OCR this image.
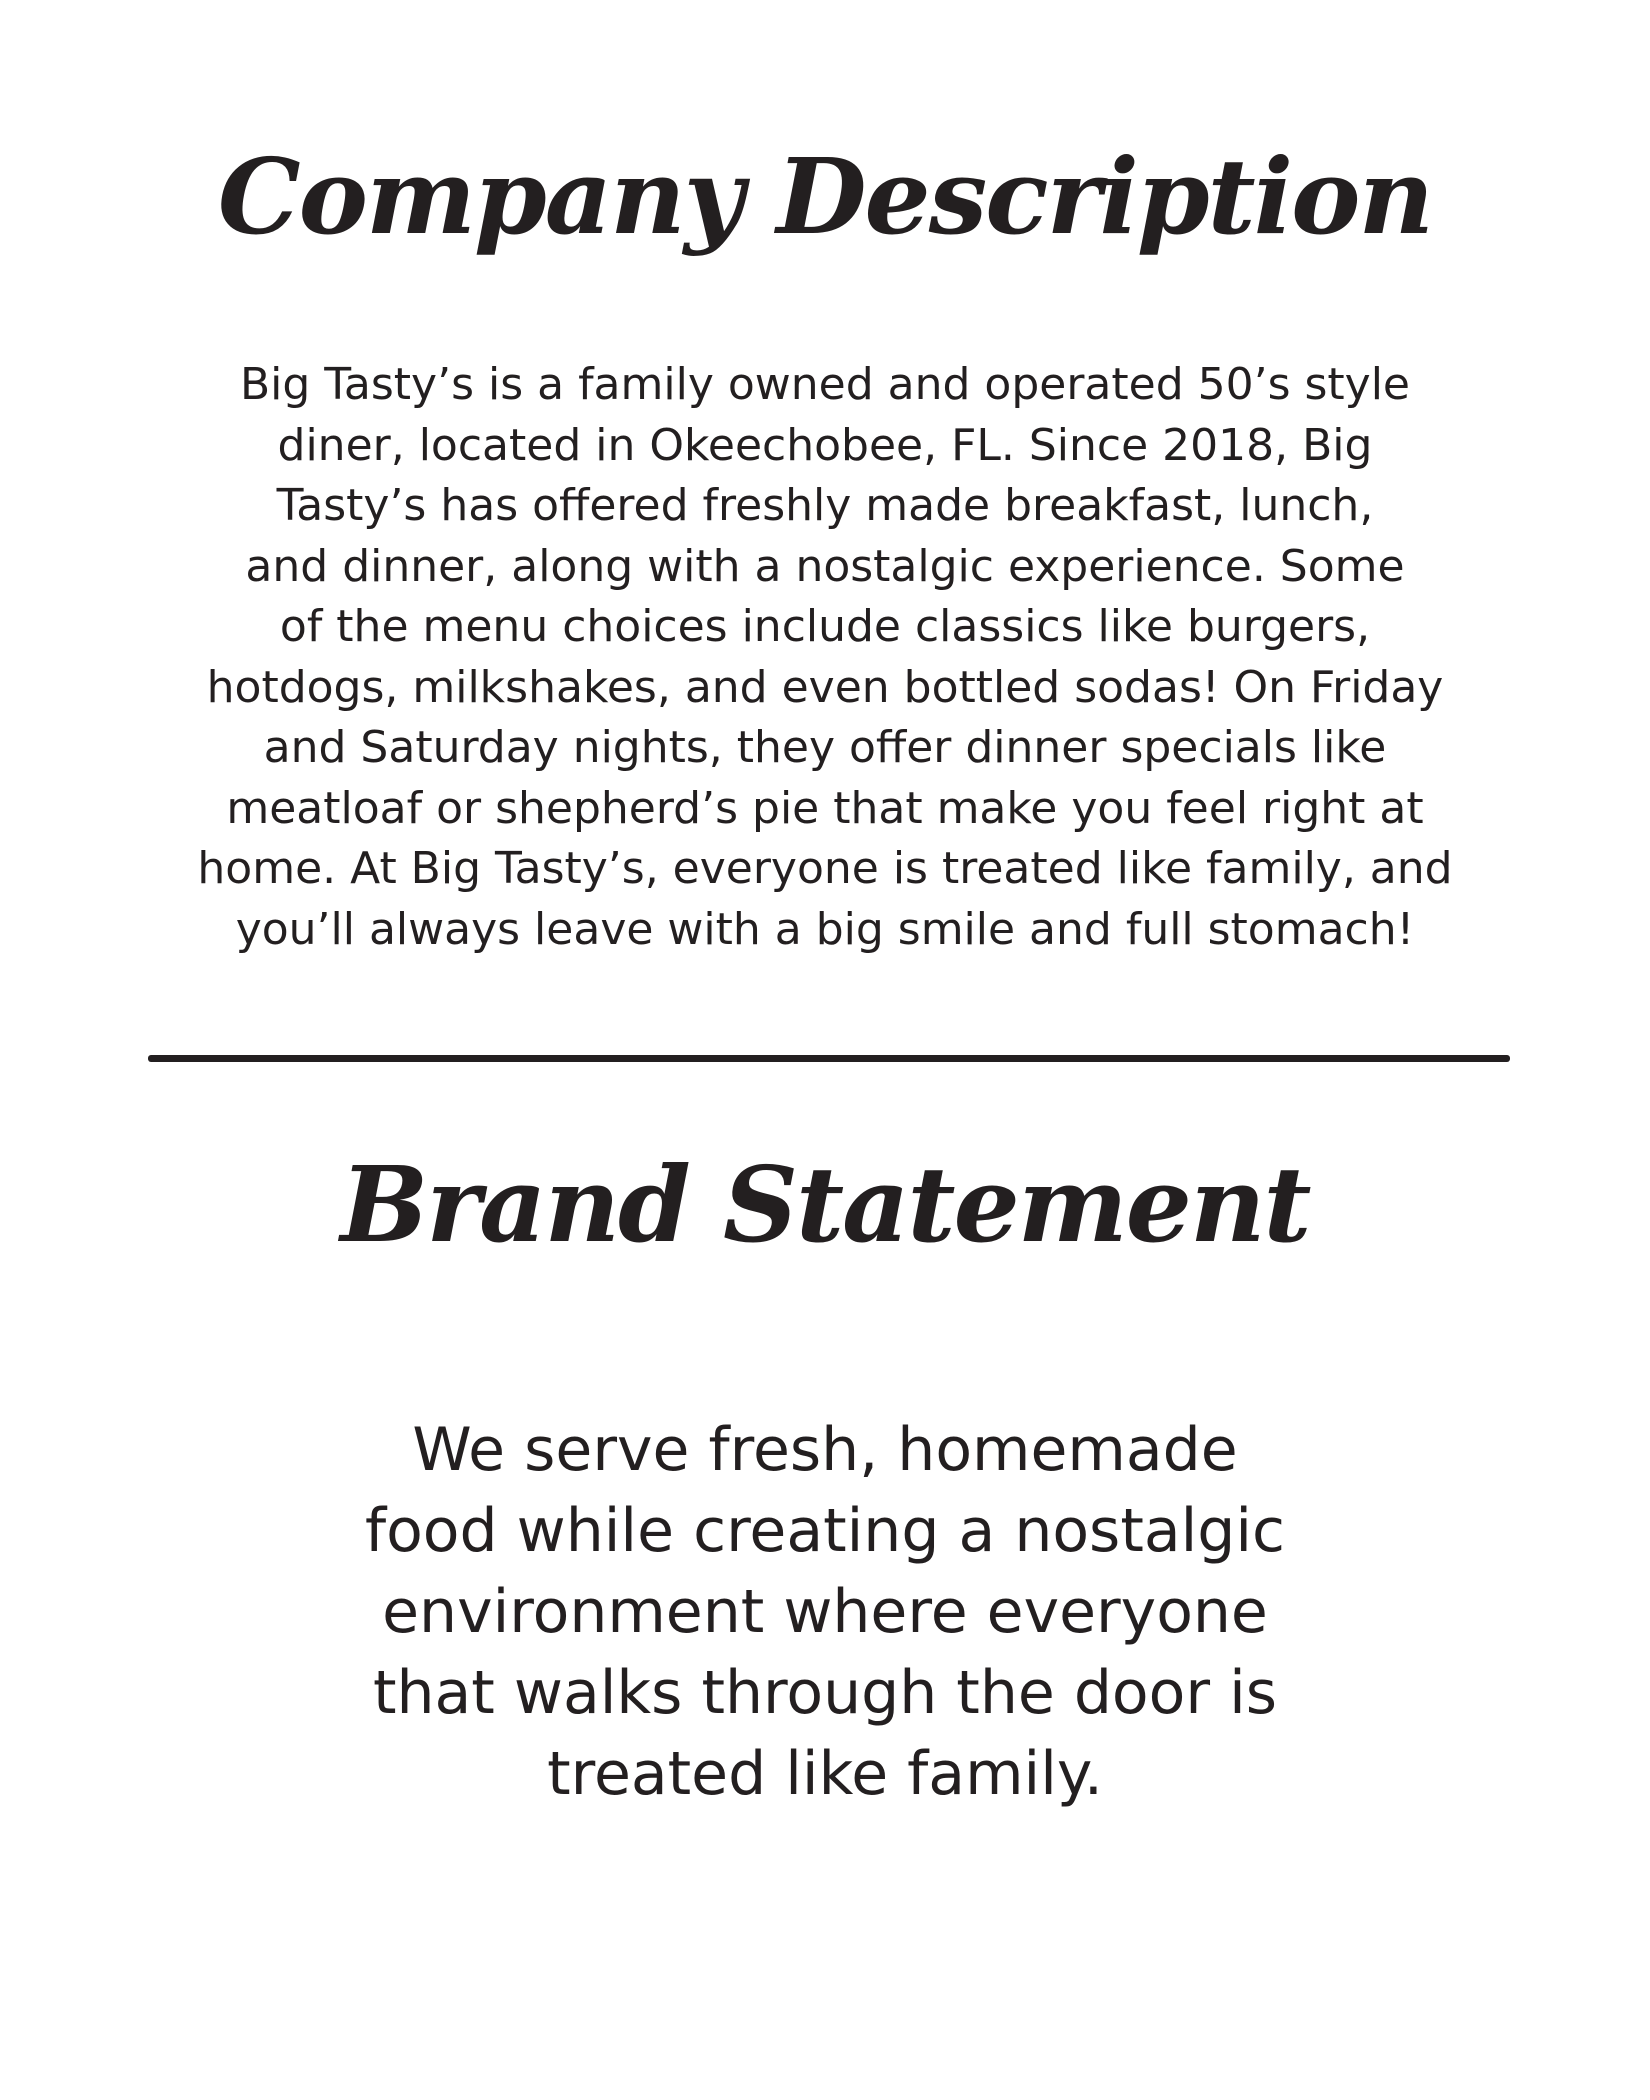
Company Description
Big Tasty’s is a family owned and operated 50’s style
diner, located in Okeechobee, FL. Since 2018, Big
Tasty’s has offered freshly made breakfast, lunch,
and dinner, along with a nostalgic experience. Some
of the menu choices include classics like burgers,
hotdogs, milkshakes, and even bottled sodas! On Friday
and Saturday nights, they offer dinner specials like
meatloaf or shepherd’s pie that make you feel right at
home. At Big Tasty’s, everyone is treated like family, and
you’ll always leave with a big smile and full stomach!
Brand Statement
We serve fresh, homemade
food while creating a nostalgic
environment where everyone
that walks through the door is
treated like family.
